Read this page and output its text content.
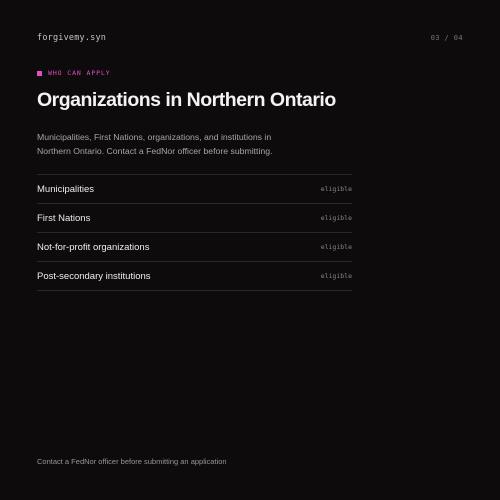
forgivemy.syn	03 / 04
WHO CAN APPLY
Organizations in Northern Ontario

Municipalities, First Nations, organizations, and institutions in Northern Ontario. Contact a FedNor officer before submitting.

Municipalities	eligible
First Nations	eligible
Not-for-profit organizations	eligible
Post-secondary institutions	eligible
Contact a FedNor officer before submitting an application
